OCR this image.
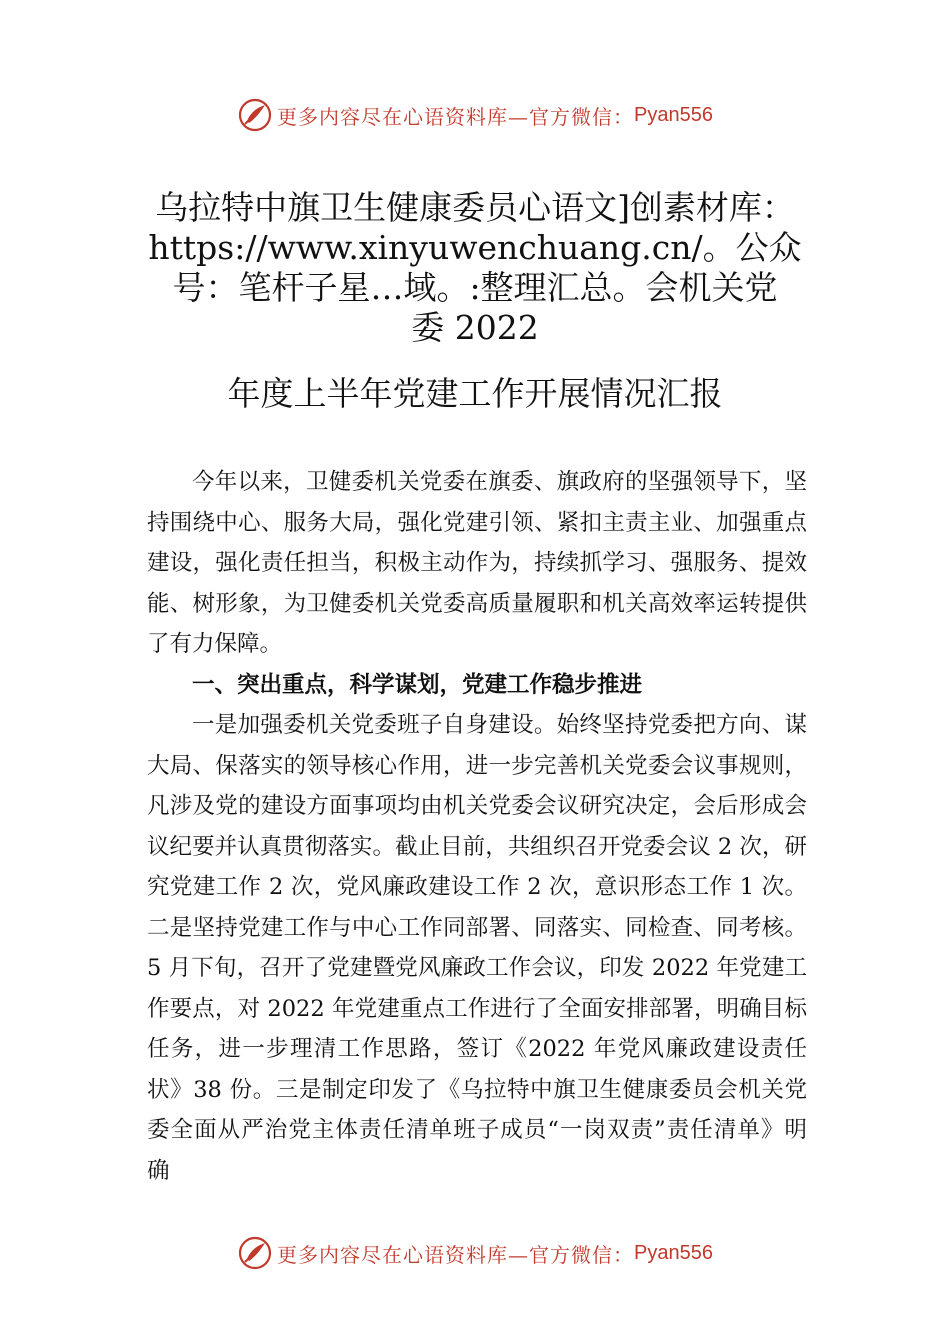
更多内容尽在心语资料库—官方微信： Pyan556
乌拉特中旗卫生健康委员心语文]创素材库：
https://www.xinyuwenchuang.cn/。公众
号：笔杆子星…域。:整理汇总。会机关党
委 2022
年度上半年党建工作开展情况汇报

今年以来，卫健委机关党委在旗委、旗政府的坚强领导下，坚持围绕中心、服务大局，强化党建引领、紧扣主责主业、加强重点建设，强化责任担当，积极主动作为，持续抓学习、强服务、提效能、树形象，为卫健委机关党委高质量履职和机关高效率运转提供了有力保障。

一、突出重点，科学谋划，党建工作稳步推进

一是加强委机关党委班子自身建设。始终坚持党委把方向、谋大局、保落实的领导核心作用，进一步完善机关党委会议事规则，凡涉及党的建设方面事项均由机关党委会议研究决定，会后形成会议纪要并认真贯彻落实。截止目前，共组织召开党委会议 2 次，研究党建工作 2 次，党风廉政建设工作 2 次，意识形态工作 1 次。二是坚持党建工作与中心工作同部署、同落实、同检查、同考核。5 月下旬，召开了党建暨党风廉政工作会议，印发 2022 年党建工作要点，对 2022 年党建重点工作进行了全面安排部署，明确目标任务，进一步理清工作思路，签订《2022 年党风廉政建设责任状》38 份。三是制定印发了《乌拉特中旗卫生健康委员会机关党委全面从严治党主体责任清单班子成员“一岗双责”责任清单》明 确

更多内容尽在心语资料库—官方微信： Pyan556
